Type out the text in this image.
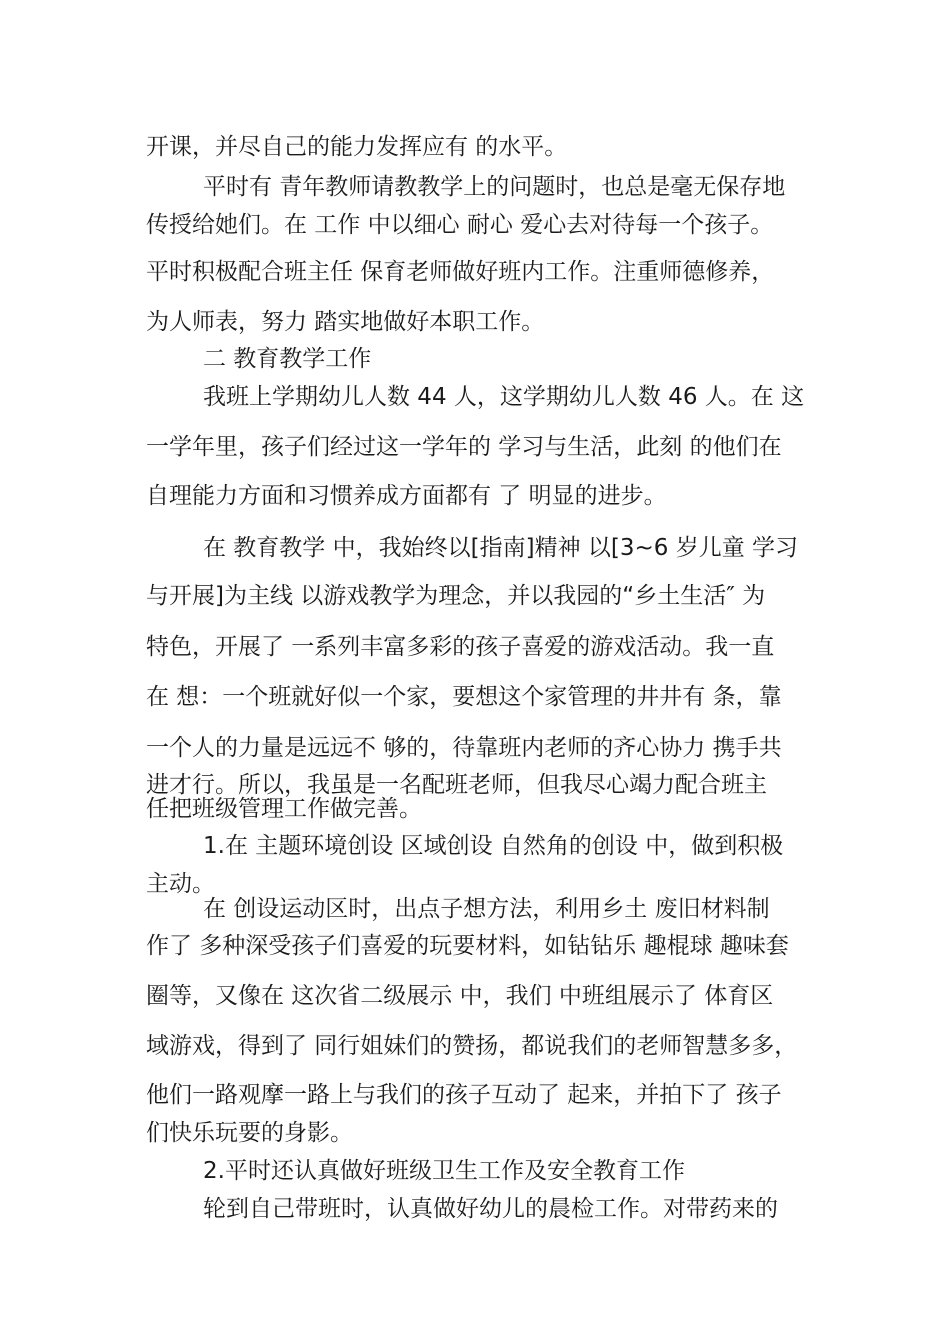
开课，并尽自己的能力发挥应有 的水平。
平时有 青年教师请教教学上的问题时，也总是毫无保存地
传授给她们。在 工作 中以细心 耐心 爱心去对待每一个孩子。
平时积极配合班主任 保育老师做好班内工作。注重师德修养，
为人师表，努力 踏实地做好本职工作。
二 教育教学工作
我班上学期幼儿人数 44 人，这学期幼儿人数 46 人。在 这
一学年里，孩子们经过这一学年的 学习与生活，此刻 的他们在
自理能力方面和习惯养成方面都有 了 明显的进步。
在 教育教学 中，我始终以[指南]精神 以[3~6 岁儿童 学习
与开展]为主线 以游戏教学为理念，并以我园的“乡土生活″ 为
特色，开展了 一系列丰富多彩的孩子喜爱的游戏活动。我一直
在 想：一个班就好似一个家，要想这个家管理的井井有 条，靠
一个人的力量是远远不 够的，待靠班内老师的齐心协力 携手共
进才行。所以，我虽是一名配班老师，但我尽心竭力配合班主
任把班级管理工作做完善。
1.在 主题环境创设 区域创设 自然角的创设 中，做到积极
主动。
在 创设运动区时，出点子想方法，利用乡土 废旧材料制
作了 多种深受孩子们喜爱的玩要材料，如钻钻乐 趣棍球 趣味套
圈等，又像在 这次省二级展示 中，我们 中班组展示了 体育区
域游戏，得到了 同行姐妹们的赞扬，都说我们的老师智慧多多，
他们一路观摩一路上与我们的孩子互动了 起来，并拍下了 孩子
们快乐玩要的身影。
2.平时还认真做好班级卫生工作及安全教育工作
轮到自己带班时，认真做好幼儿的晨检工作。对带药来的
